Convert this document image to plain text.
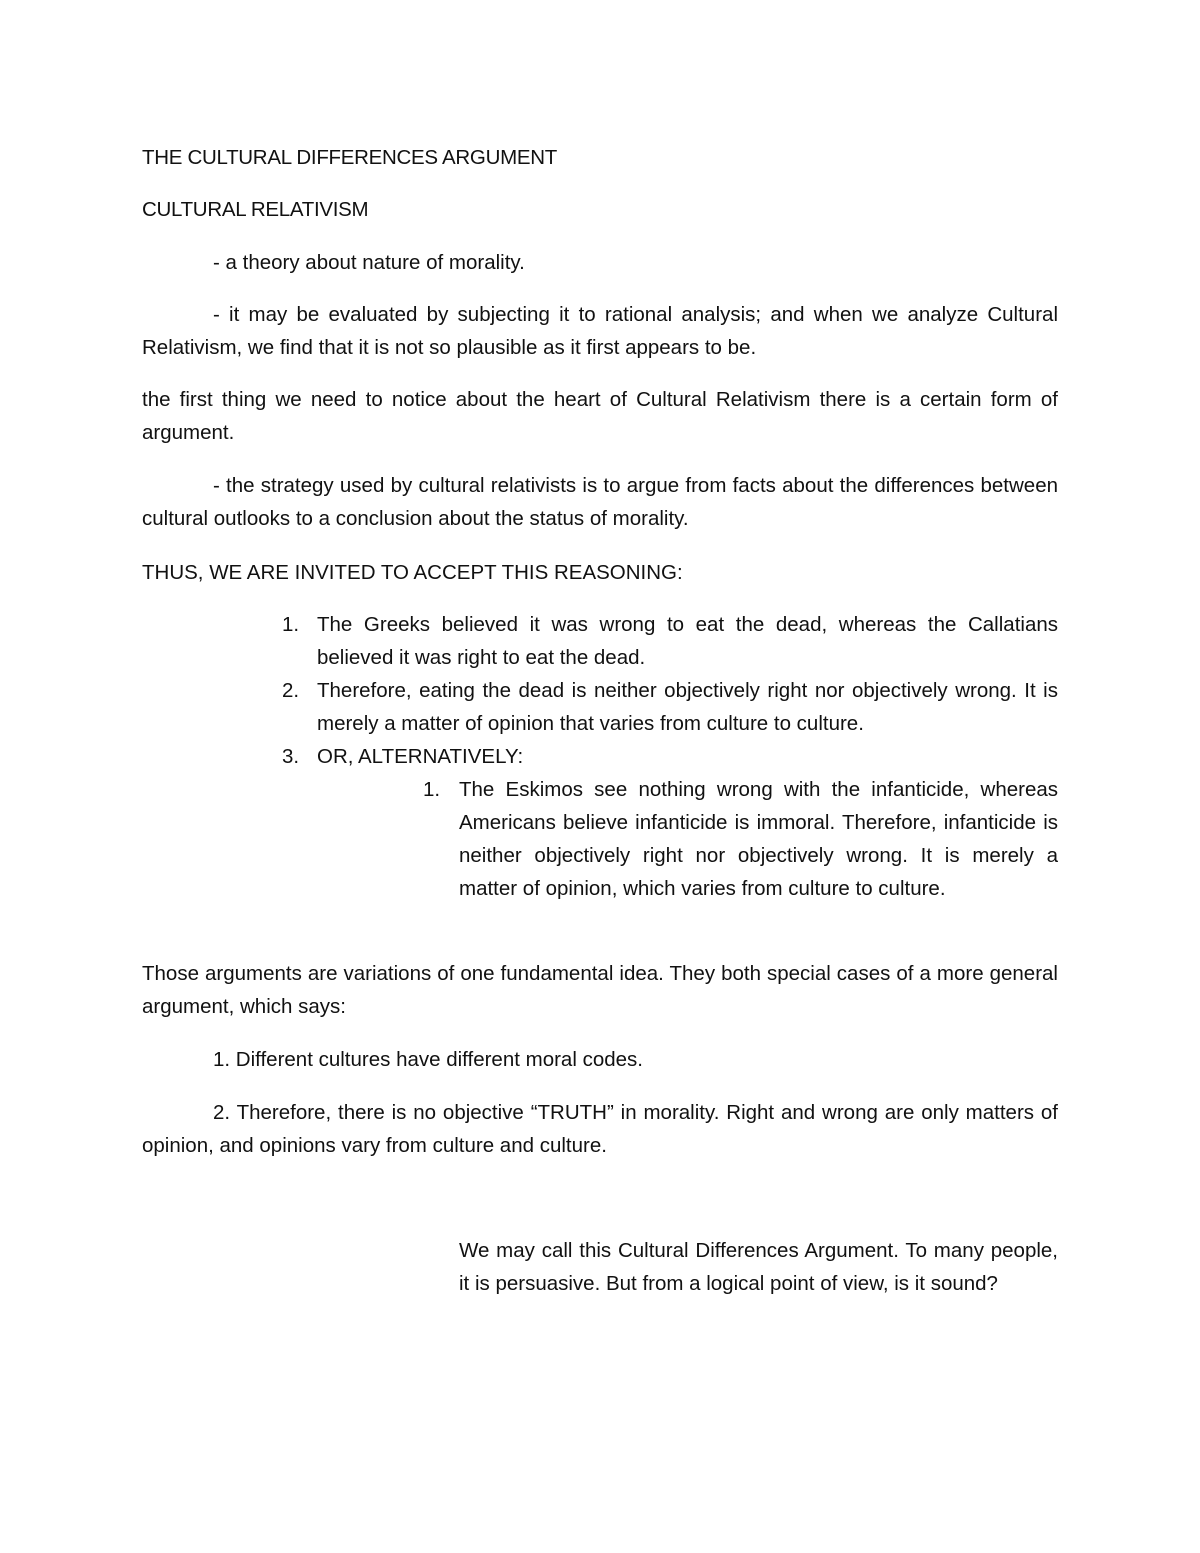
THE CULTURAL DIFFERENCES ARGUMENT
CULTURAL RELATIVISM
- a theory about nature of morality.
- it may be evaluated by subjecting it to rational analysis; and when we analyze Cultural Relativism, we find that it is not so plausible as it first appears to be.
the first thing we need to notice about the heart of Cultural Relativism there is a certain form of argument.
- the strategy used by cultural relativists is to argue from facts about the differences between cultural outlooks to a conclusion about the status of morality.
THUS, WE ARE INVITED TO ACCEPT THIS REASONING:
1. The Greeks believed it was wrong to eat the dead, whereas the Callatians believed it was right to eat the dead.
2. Therefore, eating the dead is neither objectively right nor objectively wrong. It is merely a matter of opinion that varies from culture to culture.
3. OR, ALTERNATIVELY:
1. The Eskimos see nothing wrong with the infanticide, whereas Americans believe infanticide is immoral. Therefore, infanticide is neither objectively right nor objectively wrong. It is merely a matter of opinion, which varies from culture to culture.
Those arguments are variations of one fundamental idea. They both special cases of a more general argument, which says:
1. Different cultures have different moral codes.
2. Therefore, there is no objective “TRUTH” in morality. Right and wrong are only matters of opinion, and opinions vary from culture and culture.
We may call this Cultural Differences Argument. To many people, it is persuasive. But from a logical point of view, is it sound?
